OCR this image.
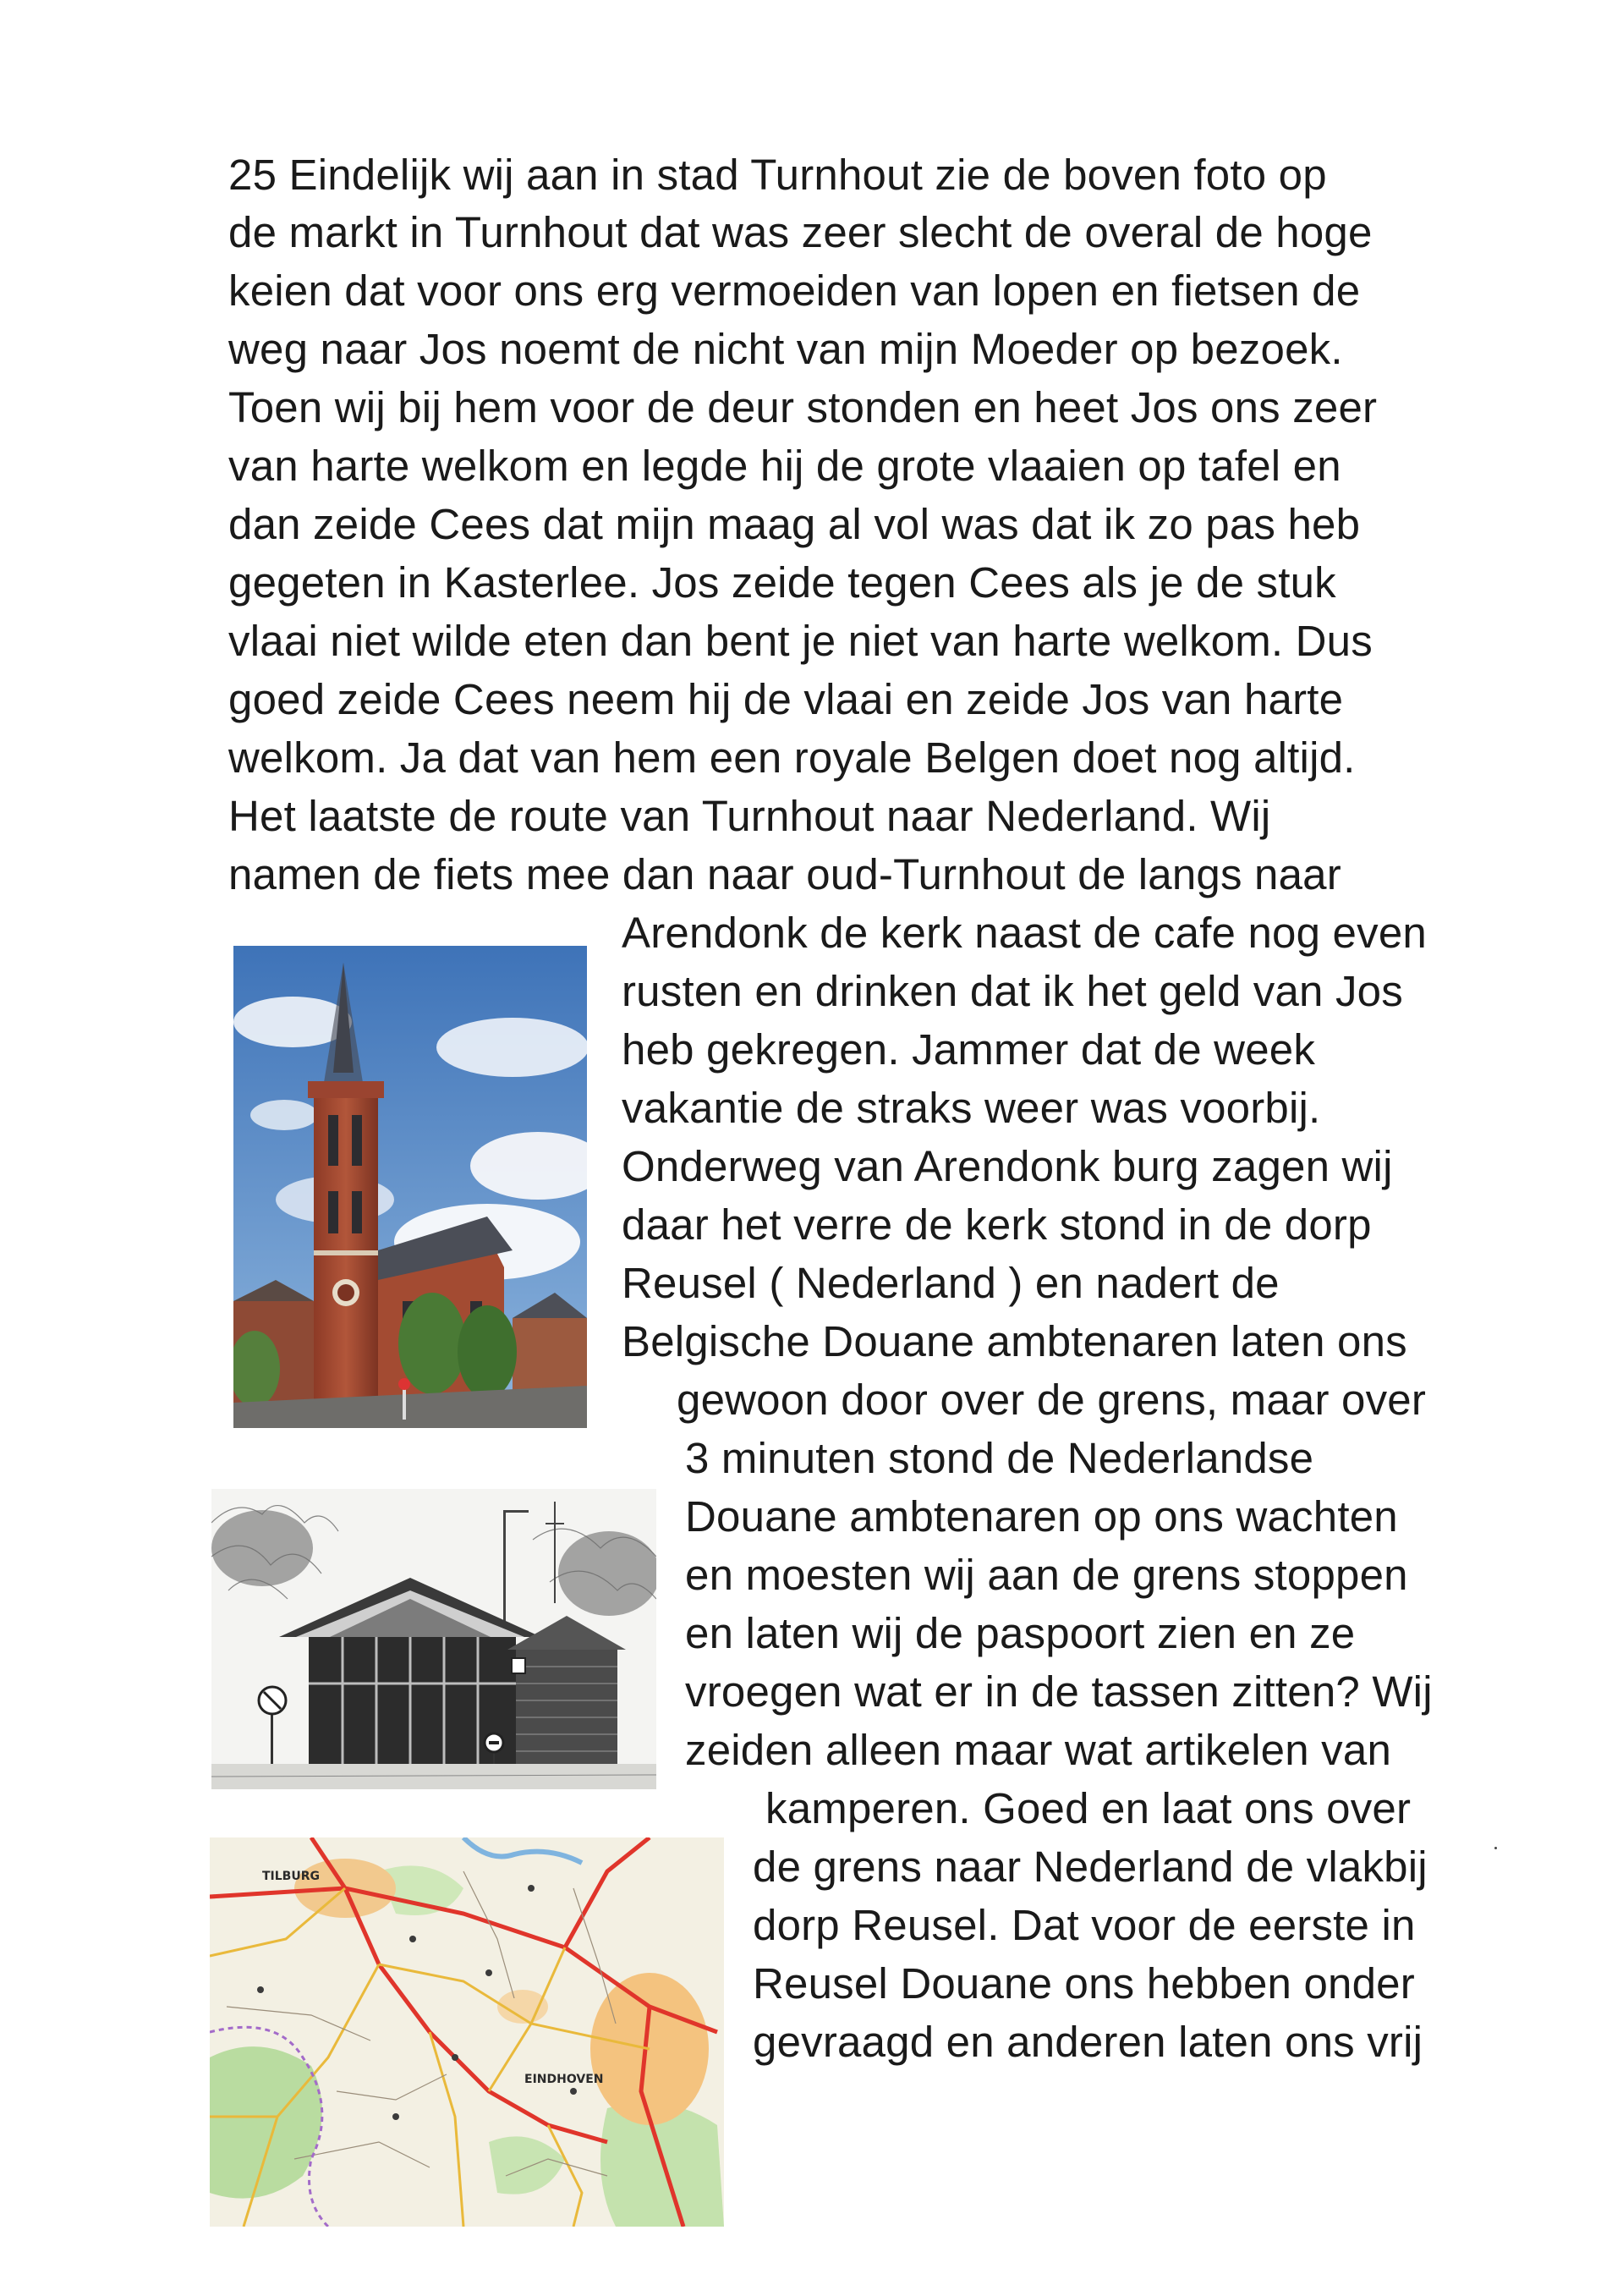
25 Eindelijk wij aan in stad Turnhout zie de boven foto op
de markt in Turnhout dat was zeer slecht de overal de hoge
keien dat voor ons erg vermoeiden van lopen en fietsen de
weg naar Jos noemt de nicht van mijn Moeder op bezoek.
Toen wij bij hem voor de deur stonden en heet Jos ons zeer
van harte welkom en legde hij de grote vlaaien op tafel en
dan zeide Cees dat mijn maag al vol was dat ik zo pas heb
gegeten in Kasterlee. Jos zeide tegen Cees als je de stuk
vlaai niet wilde eten dan bent je niet van harte welkom. Dus
goed zeide Cees neem hij de vlaai en zeide Jos van harte
welkom. Ja dat van hem een royale Belgen doet nog altijd.
Het laatste de route van Turnhout naar Nederland. Wij
namen de fiets mee dan naar oud-Turnhout de langs naar
Arendonk de kerk naast de cafe nog even
rusten en drinken dat ik het geld van Jos
heb gekregen. Jammer dat de week
vakantie de straks weer was voorbij.
Onderweg van Arendonk burg zagen wij
daar het verre de kerk stond in de dorp
Reusel ( Nederland ) en nadert de
Belgische Douane ambtenaren laten ons
gewoon door over de grens, maar over
3 minuten stond de Nederlandse
Douane ambtenaren op ons wachten
en moesten wij aan de grens stoppen
en laten wij de paspoort zien en ze
vroegen wat er in de tassen zitten? Wij
zeiden alleen maar wat artikelen van
kamperen. Goed en laat ons over
de grens naar Nederland de vlakbij
dorp Reusel. Dat voor de eerste in
Reusel Douane ons hebben onder
gevraagd en anderen laten ons vrij
TILBURG
EINDHOVEN
